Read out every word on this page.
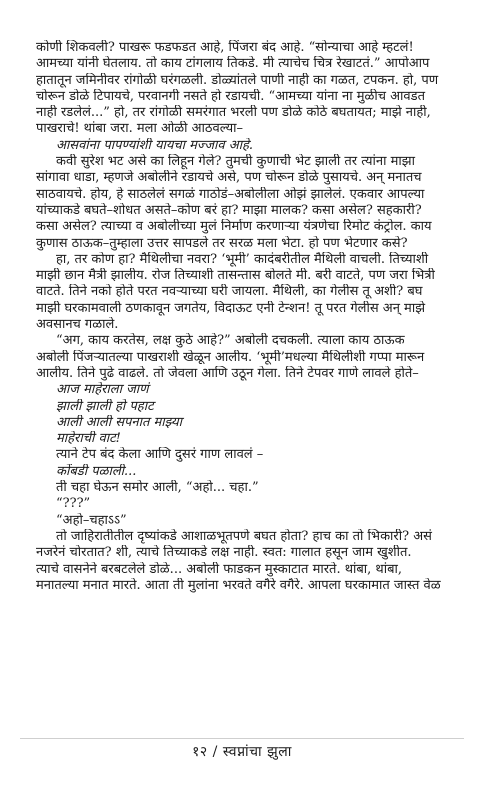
कोणी शिकवली? पाखरू फडफडत आहे, पिंजरा बंद आहे. “सोन्याचा आहे म्हटलं!
आमच्या यांनी घेतलाय. तो काय टांगलाय तिकडे. मी त्याचेच चित्र रेखाटतं.” आपोआप
हातातून जमिनीवर रांगोळी घरंगळली. डोळ्यांतले पाणी नाही का गळत, टपकन. हो, पण
चोरून डोळे टिपायचे, परवानगी नसते हो रडायची. “आमच्या यांना ना मुळीच आवडत
नाही रडलेलं...” हो, तर रांगोळी समरंगात भरली पण डोळे कोठे बघतायत; माझे नाही,
पाखराचे! थांबा जरा. मला ओळी आठवल्या–
आसवांना पापण्यांशी यायचा मज्जाव आहे.
कवी सुरेश भट असे का लिहून गेले? तुमची कुणाची भेट झाली तर त्यांना माझा
सांगावा धाडा, म्हणजे अबोलीने रडायचे असे, पण चोरून डोळे पुसायचे. अन् मनातच
साठवायचे. होय, हे साठलेलं सगळं गाठोडं–अबोलीला ओझं झालेलं. एकवार आपल्या
यांच्याकडे बघते–शोधत असते–कोण बरं हा? माझा मालक? कसा असेल? सहकारी?
कसा असेल? त्याच्या व अबोलीच्या मुलं निर्माण करणाऱ्या यंत्रणेचा रिमोट कंट्रोल. काय
कुणास ठाऊक–तुम्हाला उत्तर सापडले तर सरळ मला भेटा. हो पण भेटणार कसे?
हा, तर कोण हा? मैथिलीचा नवरा? ‘भूमी’ कादंबरीतील मैथिली वाचली. तिच्याशी
माझी छान मैत्री झालीय. रोज तिच्याशी तासन्तास बोलते मी. बरी वाटते, पण जरा भित्री
वाटते. तिने नको होते परत नवऱ्याच्या घरी जायला. मैथिली, का गेलीस तू अशी? बघ
माझी घरकामवाली ठणकावून जगतेय, विदाऊट एनी टेन्शन! तू परत गेलीस अन् माझे
अवसानच गळाले.
“अग, काय करतेस, लक्ष कुठे आहे?” अबोली दचकली. त्याला काय ठाऊक
अबोली पिंजऱ्यातल्या पाखराशी खेळून आलीय. ‘भूमी’मधल्या मैथिलीशी गप्पा मारून
आलीय. तिने पुढे वाढले. तो जेवला आणि उठून गेला. तिने टेपवर गाणे लावले होते–
आज माहेराला जाणं
झाली झाली हो पहाट
आली आली सपनात माझ्या
माहेराची वाट!
त्याने टेप बंद केला आणि दुसरं गाण लावलं –
कोंबडी पळाली...
ती चहा घेऊन समोर आली, “अहो... चहा.”
“???”
“अहो–चहाऽऽ”
तो जाहिरातीतील दृष्यांकडे आशाळभूतपणे बघत होता? हाच का तो भिकारी? असं
नजरेनं चोरतात? शी, त्याचे तिच्याकडे लक्ष नाही. स्वत: गालात हसून जाम खुशीत.
त्याचे वासनेने बरबटलेले डोळे... अबोली फाडकन मुस्काटात मारते. थांबा, थांबा,
मनातल्या मनात मारते. आता ती मुलांना भरवते वगैरे वगैरे. आपला घरकामात जास्त वेळ
१२ / स्वप्नांचा झुला
